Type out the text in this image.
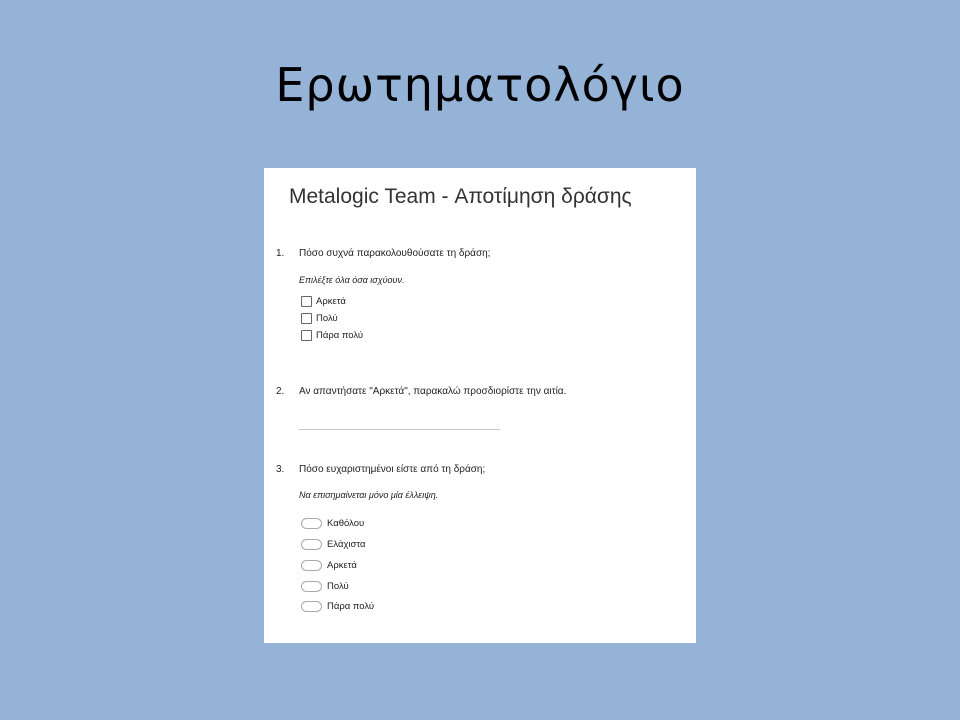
Ερωτηματολόγιο
Metalogic Team - Αποτίμηση δράσης
1. Πόσο συχνά παρακολουθούσατε τη δράση;
Επιλέξτε όλα όσα ισχύουν.
Αρκετά
Πολύ
Πάρα πολύ
2. Αν απαντήσατε "Αρκετά", παρακαλώ προσδιορίστε την αιτία.
3. Πόσο ευχαριστημένοι είστε από τη δράση;
Να επισημαίνεται μόνο μία έλλειψη.
Καθόλου
Ελάχιστα
Αρκετά
Πολύ
Πάρα πολύ
